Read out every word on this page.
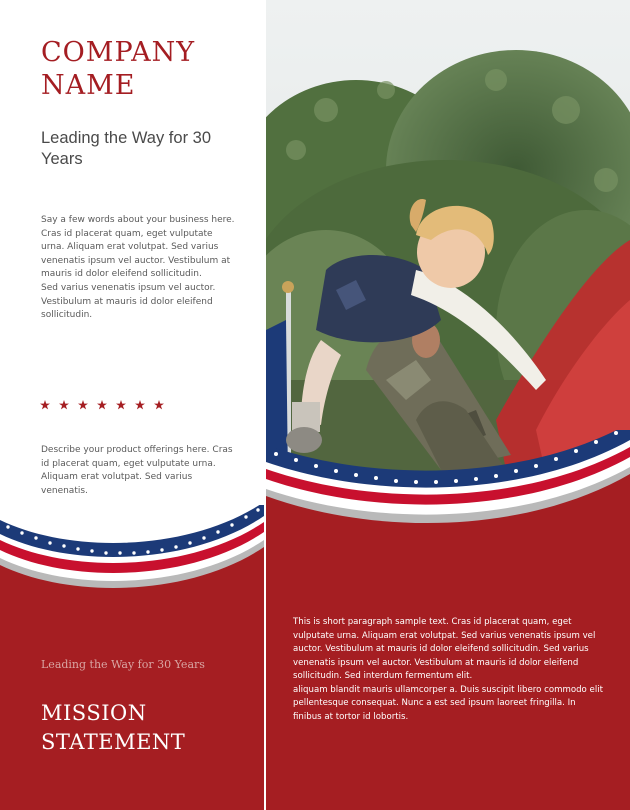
COMPANY NAME
Leading the Way for 30 Years

Say a few words about your business here. Cras id placerat quam, eget vulputate urna. Aliquam erat volutpat. Sed varius venenatis ipsum vel auctor. Vestibulum at mauris id dolor eleifend sollicitudin.

Sed varius venenatis ipsum vel auctor. Vestibulum at mauris id dolor eleifend sollicitudin.

Describe your product offerings here. Cras id placerat quam, eget vulputate urna. Aliquam erat volutpat. Sed varius venenatis.
Leading the Way for 30 Years
MISSION STATEMENT

This is short paragraph sample text. Cras id placerat quam, eget vulputate urna. Aliquam erat volutpat. Sed varius venenatis ipsum vel auctor. Vestibulum at mauris id dolor eleifend sollicitudin. Sed varius venenatis ipsum vel auctor. Vestibulum at mauris id dolor eleifend sollicitudin. Sed interdum fermentum elit.

aliquam blandit mauris ullamcorper a. Duis suscipit libero commodo elit pellentesque consequat. Nunc a est sed ipsum laoreet fringilla. In finibus at tortor id lobortis.
